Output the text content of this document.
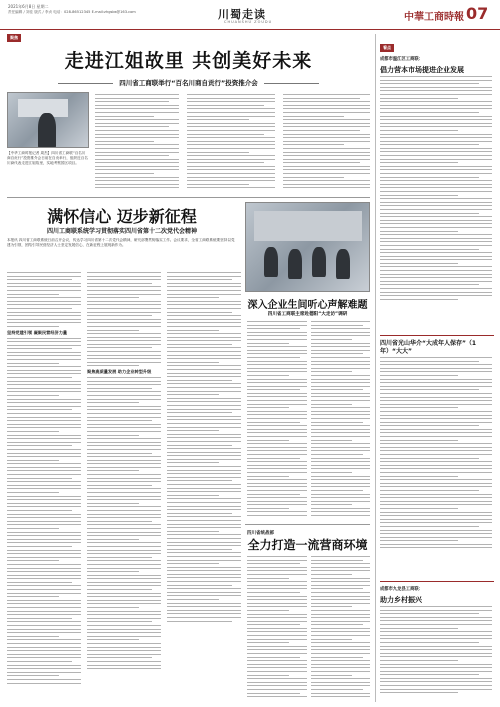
2021年6月8日 星期二
责任编辑 / 刘佳 版式 / 李贞 电话：028-86512345 E-mail:zhgsbs@163.com	川蜀走读
CHUANSHU ZOUDU	中華工商時報 07
聚焦
走进江姐故里 共创美好未来
四川省工商联举行“百名川商自贡行”投资推介会
【中华工商时报记者 周杰】四川省工商联“百名川商自贡行”投资推介会日前在自贡举行，组织近百名川商代表走进江姐故里，实地考察园区项目。
满怀信心 迈步新征程
四川工商联系统学习贯彻落实四川省第十二次党代会精神
本报讯 四川省工商联系统日前召开会议，传达学习四川省第十二次党代会精神，研究部署贯彻落实工作。会议要求，全省工商联系统要坚持以党建为引领，团结引导民营经济人士坚定发展信心，在新征程上展现新作为。
坚持党建引领 凝聚民营经济力量
聚焦高质量发展 助力企业转型升级
深入企业生间听心声解难题
四川省工商联主席赴德阳“大走访”调研
四川省统战部
全力打造一流营商环境
看点
成都市温江区工商联：
倡力营本市场提进企业发展
四川省光山华介“大成年人保存”（1年）“大大”
成都市九龙县工商联：
助力乡村振兴
